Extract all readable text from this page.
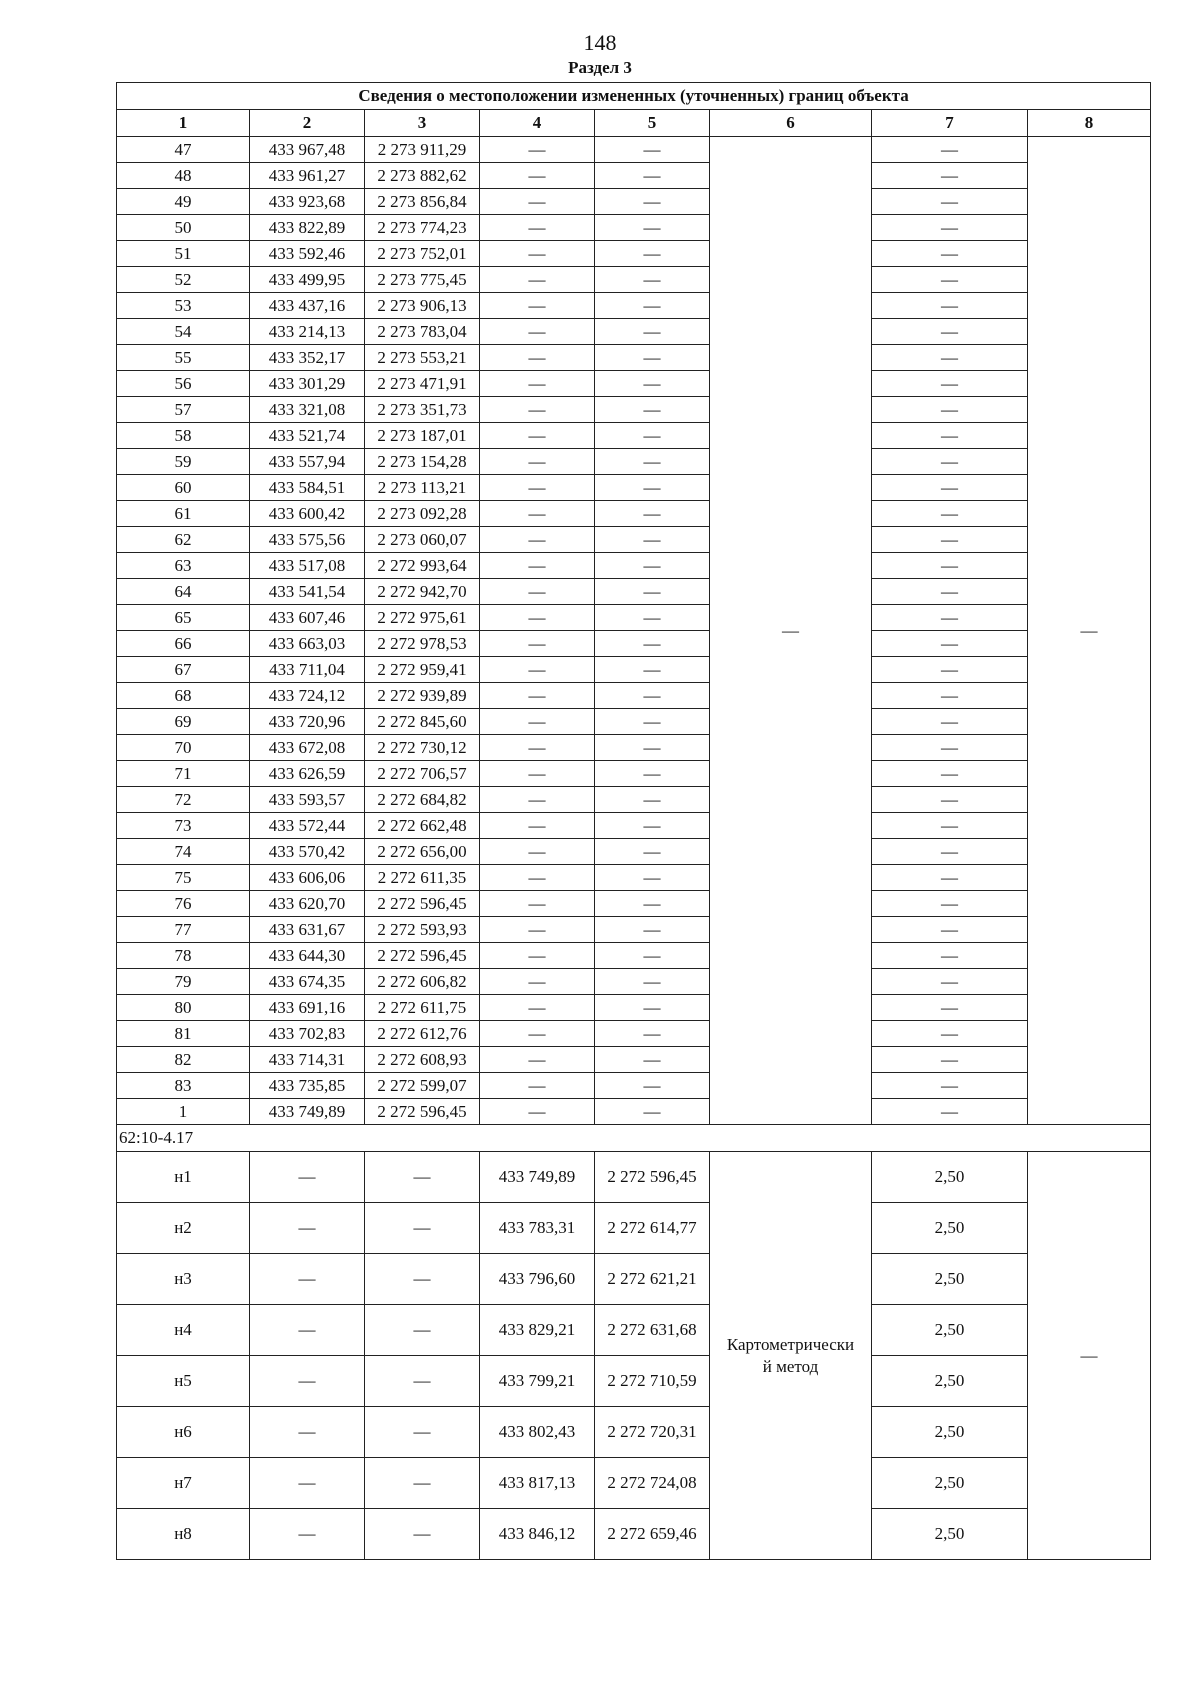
148
Раздел 3
Сведения о местоположении измененных (уточненных) границ объекта							
1	2	3	4	5	6	7	8
47	433 967,48	2 273 911,29	—	—	—	—	—
48	433 961,27	2 273 882,62	—	—		—	
49	433 923,68	2 273 856,84	—	—		—	
50	433 822,89	2 273 774,23	—	—		—	
51	433 592,46	2 273 752,01	—	—		—	
52	433 499,95	2 273 775,45	—	—		—	
53	433 437,16	2 273 906,13	—	—		—	
54	433 214,13	2 273 783,04	—	—		—	
55	433 352,17	2 273 553,21	—	—		—	
56	433 301,29	2 273 471,91	—	—		—	
57	433 321,08	2 273 351,73	—	—		—	
58	433 521,74	2 273 187,01	—	—		—	
59	433 557,94	2 273 154,28	—	—		—	
60	433 584,51	2 273 113,21	—	—		—	
61	433 600,42	2 273 092,28	—	—		—	
62	433 575,56	2 273 060,07	—	—		—	
63	433 517,08	2 272 993,64	—	—		—	
64	433 541,54	2 272 942,70	—	—		—	
65	433 607,46	2 272 975,61	—	—		—	
66	433 663,03	2 272 978,53	—	—		—	
67	433 711,04	2 272 959,41	—	—		—	
68	433 724,12	2 272 939,89	—	—		—	
69	433 720,96	2 272 845,60	—	—		—	
70	433 672,08	2 272 730,12	—	—		—	
71	433 626,59	2 272 706,57	—	—		—	
72	433 593,57	2 272 684,82	—	—		—	
73	433 572,44	2 272 662,48	—	—		—	
74	433 570,42	2 272 656,00	—	—		—	
75	433 606,06	2 272 611,35	—	—		—	
76	433 620,70	2 272 596,45	—	—		—	
77	433 631,67	2 272 593,93	—	—		—	
78	433 644,30	2 272 596,45	—	—		—	
79	433 674,35	2 272 606,82	—	—		—	
80	433 691,16	2 272 611,75	—	—		—	
81	433 702,83	2 272 612,76	—	—		—	
82	433 714,31	2 272 608,93	—	—		—	
83	433 735,85	2 272 599,07	—	—		—	
1	433 749,89	2 272 596,45	—	—		—	
62:10-4.17							
н1	—	—	433 749,89	2 272 596,45	Картометрически
й метод	2,50	—
н2	—	—	433 783,31	2 272 614,77		2,50	
н3	—	—	433 796,60	2 272 621,21		2,50	
н4	—	—	433 829,21	2 272 631,68		2,50	
н5	—	—	433 799,21	2 272 710,59		2,50	
н6	—	—	433 802,43	2 272 720,31		2,50	
н7	—	—	433 817,13	2 272 724,08		2,50	
н8	—	—	433 846,12	2 272 659,46		2,50	
